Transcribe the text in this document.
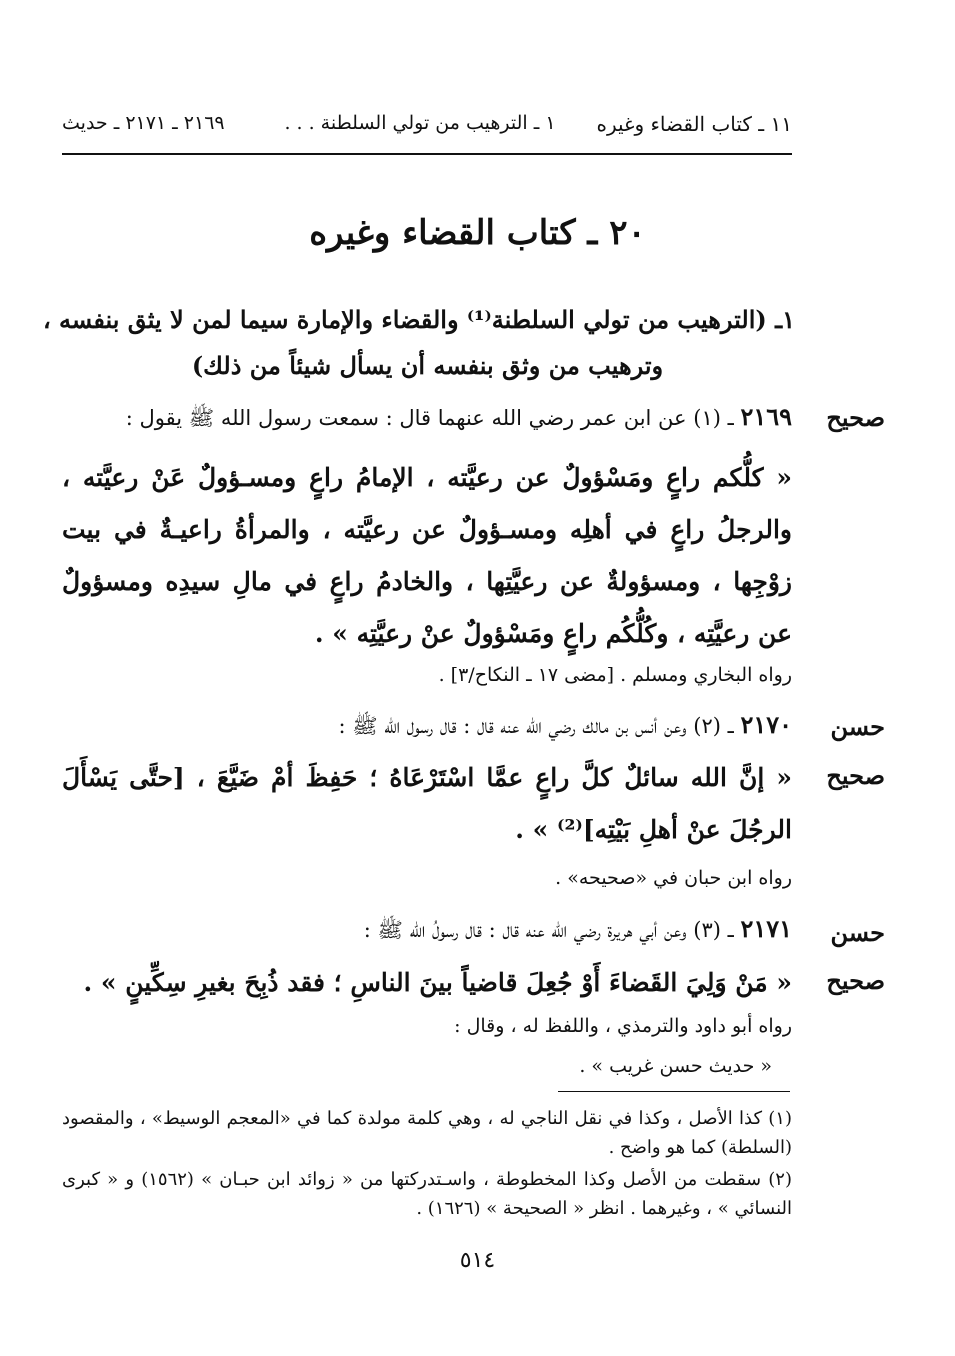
١١ ـ كتاب القضاء وغيره
١ ـ الترهيب من تولي السلطنة . . .
٢١٦٩ ـ ٢١٧١ ـ حديث
٢٠ ـ كتاب القضاء وغيره
١ـ (الترهيب من تولي السلطنة⁽¹⁾ والقضاء والإمارة سيما لمن لا يثق بنفسه ،
وترهيب من وثق بنفسه أن يسأل شيئاً من ذلك)
صحيح
٢١٦٩ ـ (١) عن ابن عمر رضي الله عنهما قال : سمعت رسول الله ﷺ يقول :
« كلُّكم راعٍ ومَسْؤولٌ عن رعيَّته ، الإمامُ راعٍ ومسـؤولٌ عَنْ رعيَّته ، والرجلُ راعٍ في أهلِه ومسـؤولٌ عن رعيَّته ، والمرأةُ راعيـةٌ في بيت زوْجِها ، ومسؤولةٌ عن رعيَّتِها ، والخادمُ راعٍ في مالِ سيدِه ومسؤولٌ عن رعيَّتِه ، وكُلُّكُم راعٍ ومَسْؤولٌ عنْ رعيَّتِه » .
رواه البخاري ومسلم . [مضى ١٧ ـ النكاح/٣] .
حسن
صحيح
٢١٧٠ ـ (٢) وعن أنس بن مالك رضي الله عنه قال : قال رسول الله ﷺ :
« إنَّ الله سائلٌ كلَّ راعٍ عمَّا اسْتَرْعَاهُ ؛ حَفِظَ أمْ ضَيَّعَ ، [حتَّى يَسْأَلَ الرجُلَ عنْ أهلِ بَيْتِه]⁽²⁾ » .
رواه ابن حبان في «صحيحه» .
حسن
صحيح
٢١٧١ ـ (٣) وعن أبي هريرة رضي الله عنه قال : قال رسولُ الله ﷺ :
« مَنْ وَلِيَ القَضاءَ أَوْ جُعِلَ قاضياً بينَ الناسِ ؛ فقد ذُبِحَ بغيرِ سِكِّينٍ » .
رواه أبو داود والترمذي ، واللفظ له ، وقال :
« حديث حسن غريب » .
(١) كذا الأصل ، وكذا في نقل الناجي له ، وهي كلمة مولدة كما في «المعجم الوسيط» ، والمقصود (السلطة) كما هو واضح .
(٢) سقطت من الأصل وكذا المخطوطة ، واسـتدركتها من « زوائد ابن حبـان » (١٥٦٢) و « كبرى النسائي » ، وغيرهما . انظر « الصحيحة » (١٦٢٦) .
٥١٤
